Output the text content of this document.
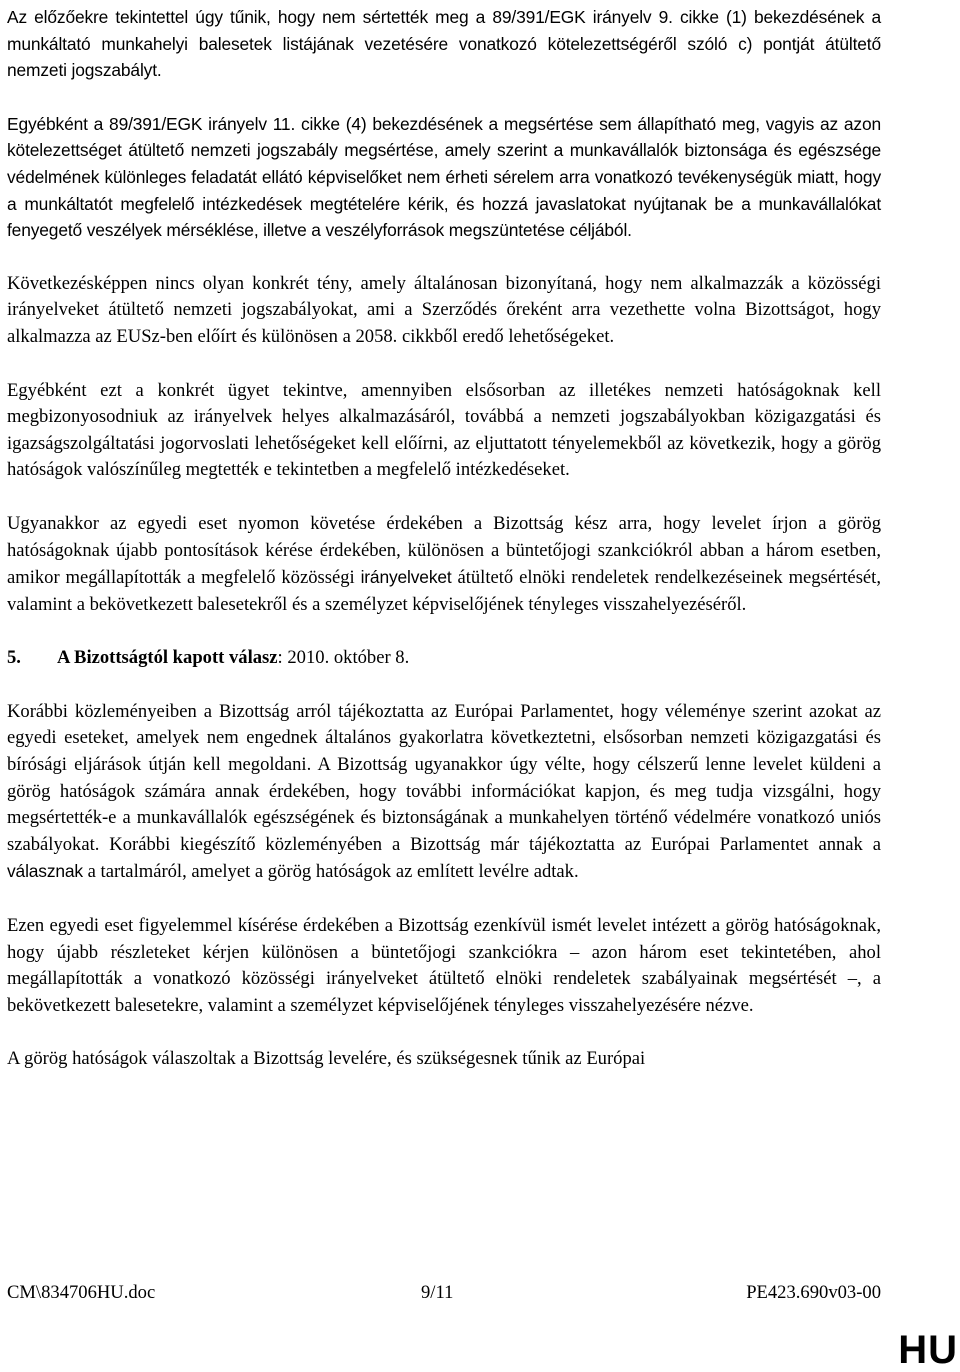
Az előzőekre tekintettel úgy tűnik, hogy nem sértették meg a 89/391/EGK irányelv 9. cikke (1) bekezdésének a munkáltató munkahelyi balesetek listájának vezetésére vonatkozó kötelezettségéről szóló c) pontját átültető nemzeti jogszabályt.

Egyébként a 89/391/EGK irányelv 11. cikke (4) bekezdésének a megsértése sem állapítható meg, vagyis az azon kötelezettséget átültető nemzeti jogszabály megsértése, amely szerint a munkavállalók biztonsága és egészsége védelmének különleges feladatát ellátó képviselőket nem érheti sérelem arra vonatkozó tevékenységük miatt, hogy a munkáltatót megfelelő intézkedések megtételére kérik, és hozzá javaslatokat nyújtanak be a munkavállalókat fenyegető veszélyek mérséklése, illetve a veszélyforrások megszüntetése céljából.

Következésképpen nincs olyan konkrét tény, amely általánosan bizonyítaná, hogy nem alkalmazzák a közösségi irányelveket átültető nemzeti jogszabályokat, ami a Szerződés őreként arra vezethette volna Bizottságot, hogy alkalmazza az EUSz-ben előírt és különösen a 2058. cikkből eredő lehetőségeket.

Egyébként ezt a konkrét ügyet tekintve, amennyiben elsősorban az illetékes nemzeti hatóságoknak kell megbizonyosodniuk az irányelvek helyes alkalmazásáról, továbbá a nemzeti jogszabályokban közigazgatási és igazságszolgáltatási jogorvoslati lehetőségeket kell előírni, az eljuttatott tényelemekből az következik, hogy a görög hatóságok valószínűleg megtették e tekintetben a megfelelő intézkedéseket.

Ugyanakkor az egyedi eset nyomon követése érdekében a Bizottság kész arra, hogy levelet írjon a görög hatóságoknak újabb pontosítások kérése érdekében, különösen a büntetőjogi szankciókról abban a három esetben, amikor megállapították a megfelelő közösségi irányelveket átültető elnöki rendeletek rendelkezéseinek megsértését, valamint a bekövetkezett balesetekről és a személyzet képviselőjének tényleges visszahelyezéséről.

5. A Bizottságtól kapott válasz: 2010. október 8.

Korábbi közleményeiben a Bizottság arról tájékoztatta az Európai Parlamentet, hogy véleménye szerint azokat az egyedi eseteket, amelyek nem engednek általános gyakorlatra következtetni, elsősorban nemzeti közigazgatási és bírósági eljárások útján kell megoldani. A Bizottság ugyanakkor úgy vélte, hogy célszerű lenne levelet küldeni a görög hatóságok számára annak érdekében, hogy további információkat kapjon, és meg tudja vizsgálni, hogy megsértették-e a munkavállalók egészségének és biztonságának a munkahelyen történő védelmére vonatkozó uniós szabályokat. Korábbi kiegészítő közleményében a Bizottság már tájékoztatta az Európai Parlamentet annak a válasznak a tartalmáról, amelyet a görög hatóságok az említett levélre adtak.

Ezen egyedi eset figyelemmel kísérése érdekében a Bizottság ezenkívül ismét levelet intézett a görög hatóságoknak, hogy újabb részleteket kérjen különösen a büntetőjogi szankciókra – azon három eset tekintetében, ahol megállapították a vonatkozó közösségi irányelveket átültető elnöki rendeletek szabályainak megsértését –, a bekövetkezett balesetekre, valamint a személyzet képviselőjének tényleges visszahelyezésére nézve.

A görög hatóságok válaszoltak a Bizottság levelére, és szükségesnek tűnik az Európai

CM\834706HU.doc	9/11	PE423.690v03-00
HU
